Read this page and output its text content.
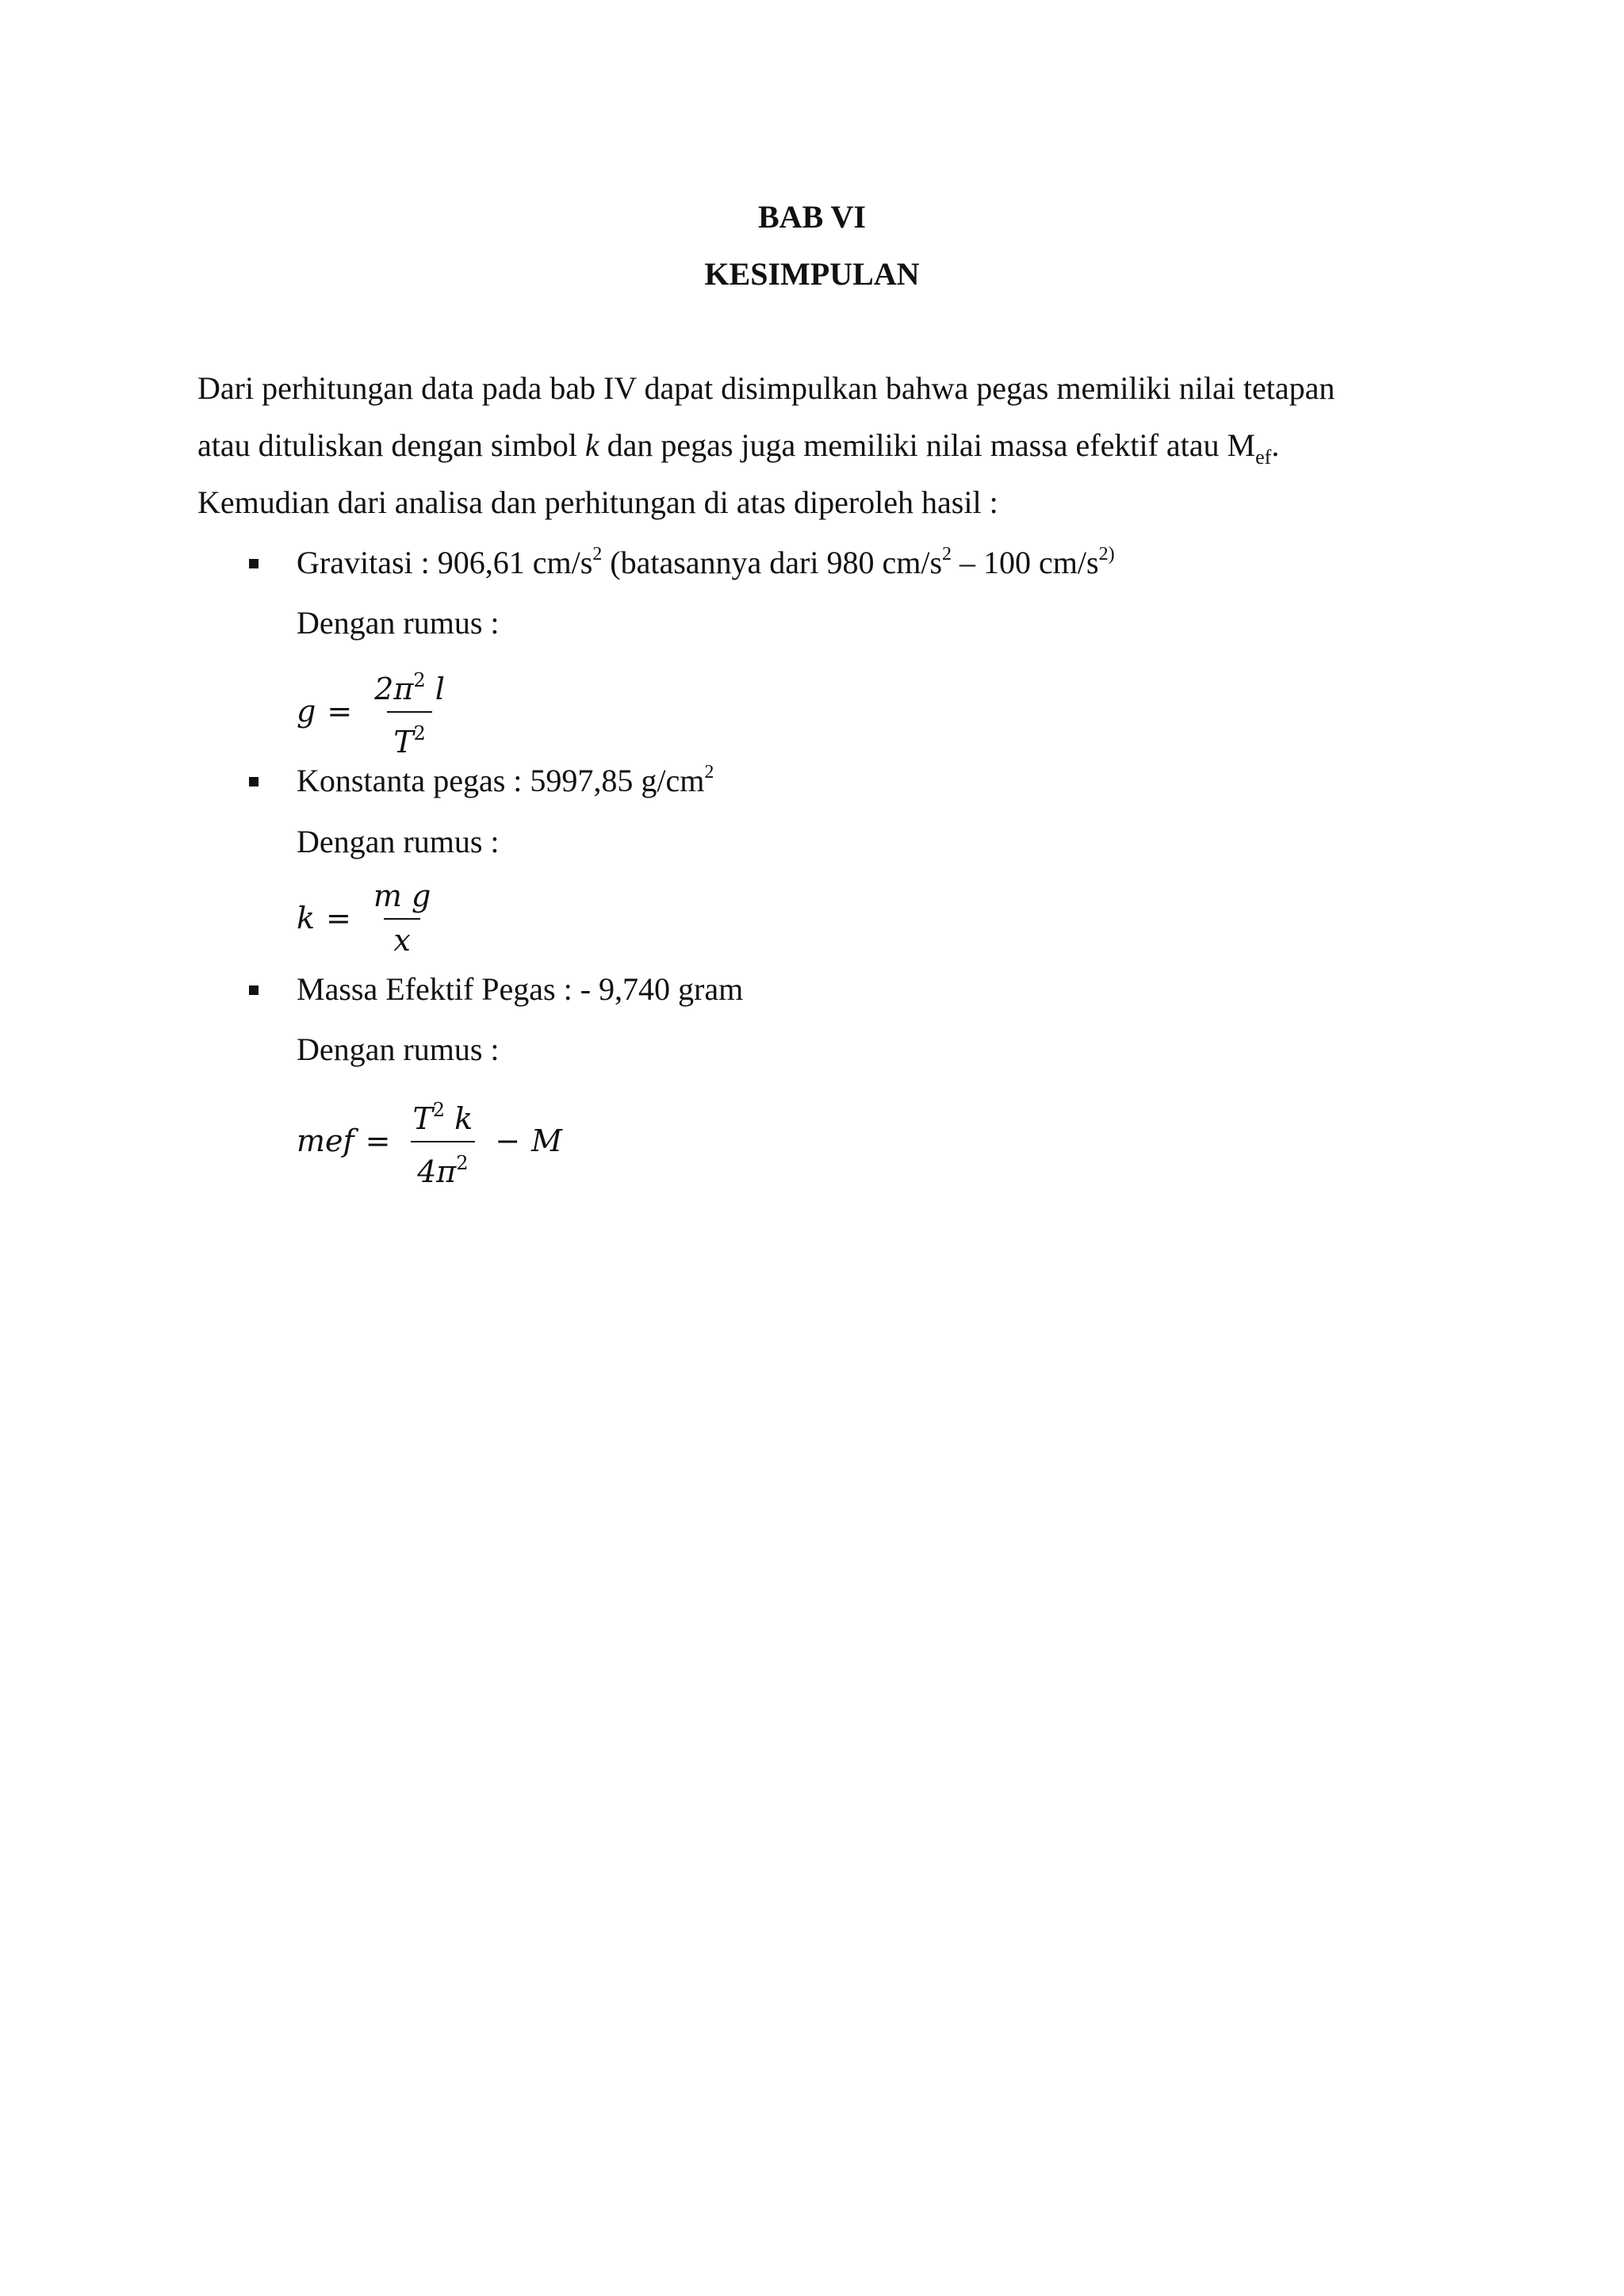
BAB VI
KESIMPULAN
Dari perhitungan data pada bab IV dapat disimpulkan bahwa pegas memiliki nilai tetapan
atau dituliskan dengan simbol k dan pegas juga memiliki nilai massa efektif atau $M_{ef}$.
Kemudian dari analisa dan perhitungan di atas diperoleh hasil :
Gravitasi : 906,61 $cm/s^2$ (batasannya dari 980 $cm/s^2 - 100$ $cm/s^{2)}$
Dengan rumus :
$g = \frac{2\pi^2 l}{T^2}$
Konstanta pegas : 5997,85 $g/cm^2$
Dengan rumus :
$k = \frac{\text{m g}}{x}$
Massa Efektif Pegas : - 9,740 gram
Dengan rumus :
mef = $\frac{T^2 k}{4\pi^2} - M$
